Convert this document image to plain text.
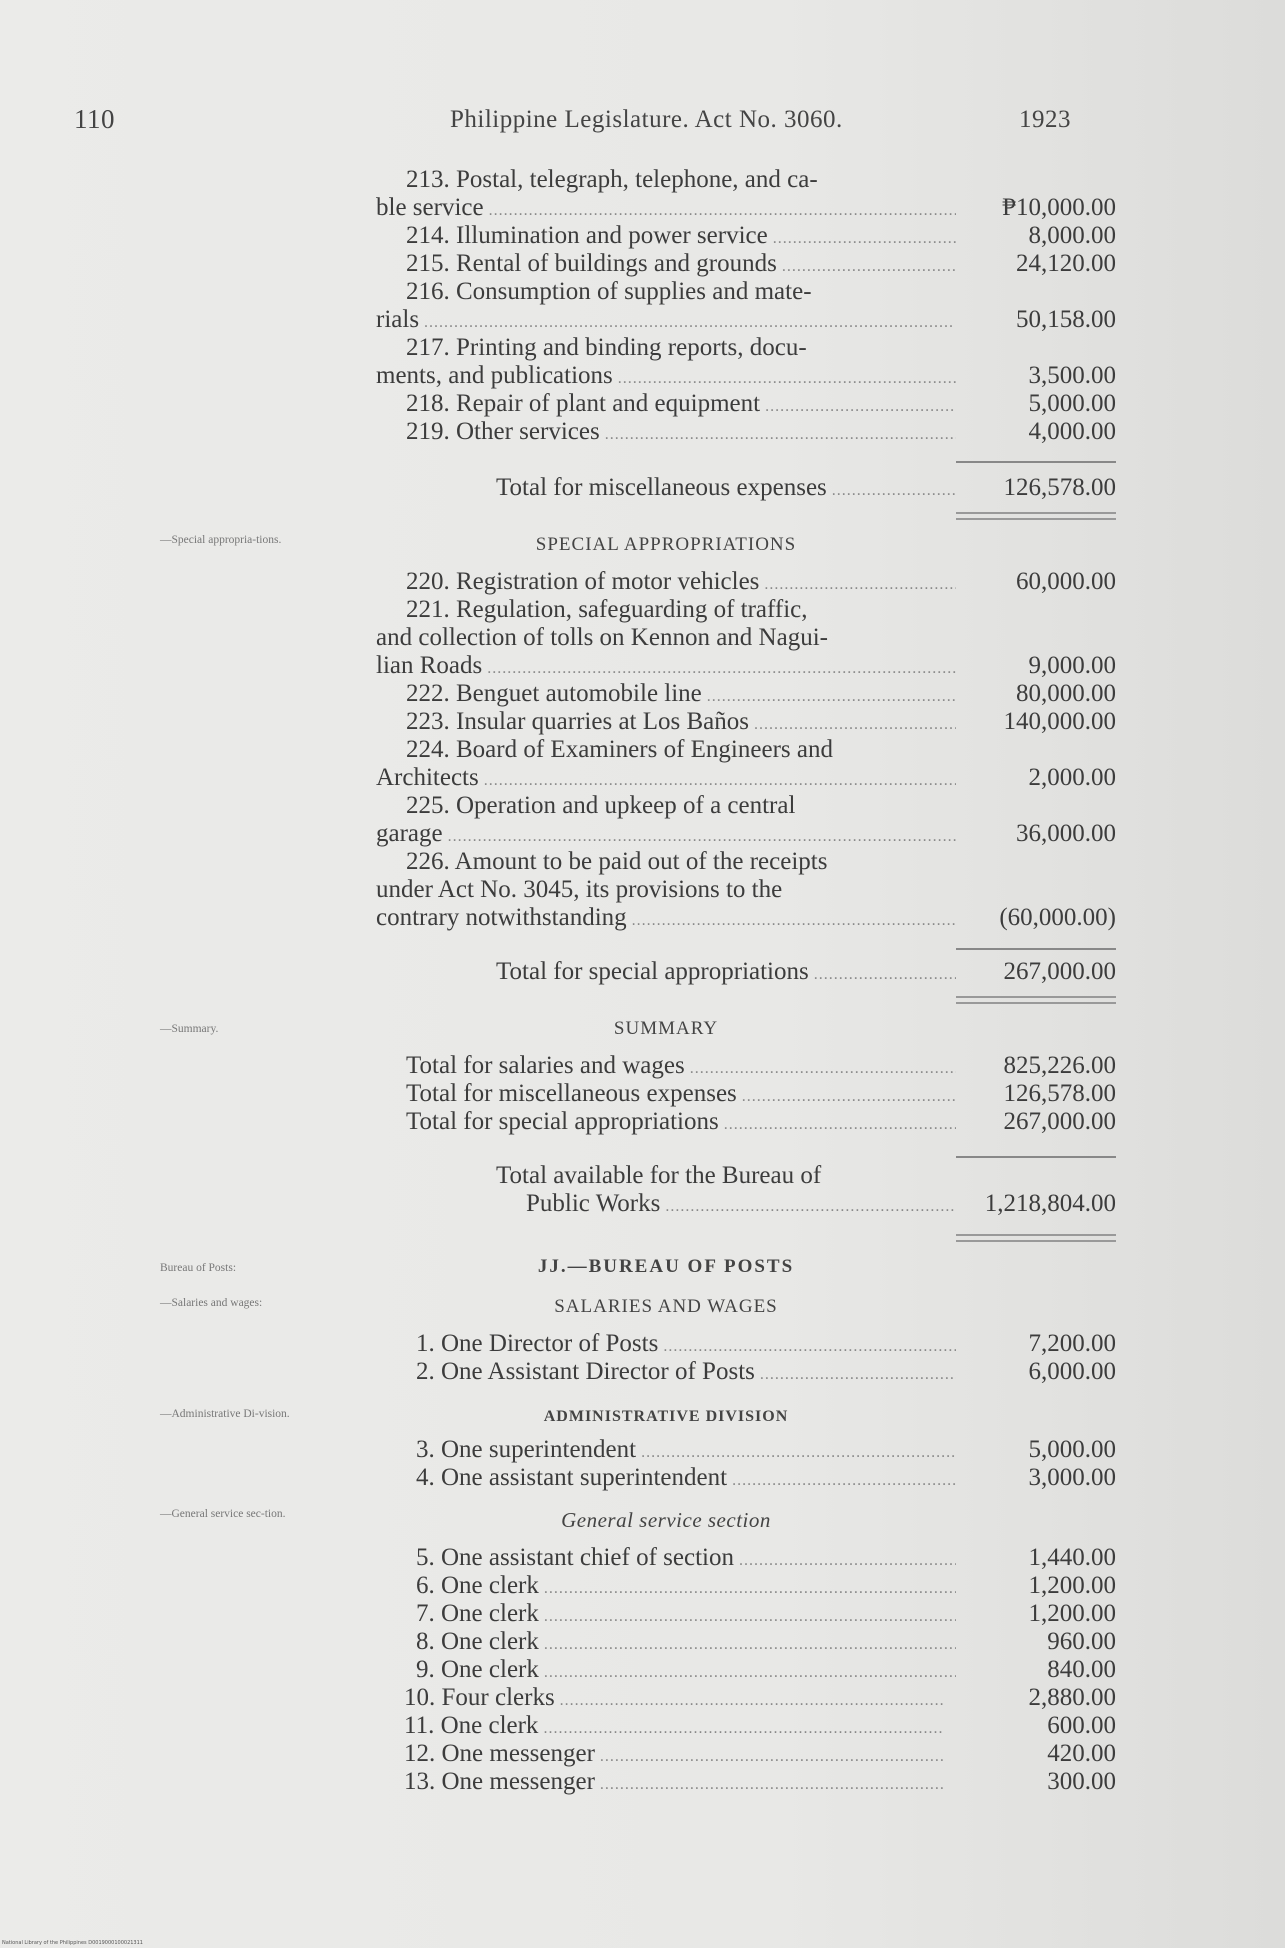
110	Philippine Legislature. Act No. 3060.	1923
—Special appropria-tions.
—Summary.
Bureau of Posts:
—Salaries and wages:
—Administrative Di-vision.
—General service sec-tion.
213. Postal, telegraph, telephone, and ca-
ble service .....	₱10,000.00
214. Illumination and power service .....	8,000.00
215. Rental of buildings and grounds .....	24,120.00
216. Consumption of supplies and mate-
rials .....	50,158.00
217. Printing and binding reports, docu-
ments, and publications .....	3,500.00
218. Repair of plant and equipment .....	5,000.00
219. Other services .....	4,000.00
Total for miscellaneous expenses .....	126,578.00
SPECIAL APPROPRIATIONS
220. Registration of motor vehicles .....	60,000.00
221. Regulation, safeguarding of traffic,
and collection of tolls on Kennon and Nagui-
lian Roads .....	9,000.00
222. Benguet automobile line .....	80,000.00
223. Insular quarries at Los Baños .....	140,000.00
224. Board of Examiners of Engineers and
Architects .....	2,000.00
225. Operation and upkeep of a central
garage .....	36,000.00
226. Amount to be paid out of the receipts
under Act No. 3045, its provisions to the
contrary notwithstanding .....	(60,000.00)
Total for special appropriations .....	267,000.00
SUMMARY
Total for salaries and wages .....	825,226.00
Total for miscellaneous expenses .....	126,578.00
Total for special appropriations .....	267,000.00
Total available for the Bureau of
Public Works .....	1,218,804.00
JJ.—BUREAU OF POSTS
SALARIES AND WAGES
1. One Director of Posts .....	7,200.00
2. One Assistant Director of Posts .....	6,000.00
ADMINISTRATIVE DIVISION
3. One superintendent .....	5,000.00
4. One assistant superintendent .....	3,000.00
General service section
5. One assistant chief of section .....	1,440.00
6. One clerk .....	1,200.00
7. One clerk .....	1,200.00
8. One clerk .....	960.00
9. One clerk .....	840.00
10. Four clerks .....	2,880.00
11. One clerk .....	600.00
12. One messenger .....	420.00
13. One messenger .....	300.00
National Library of the Philippines D0019000100021311
